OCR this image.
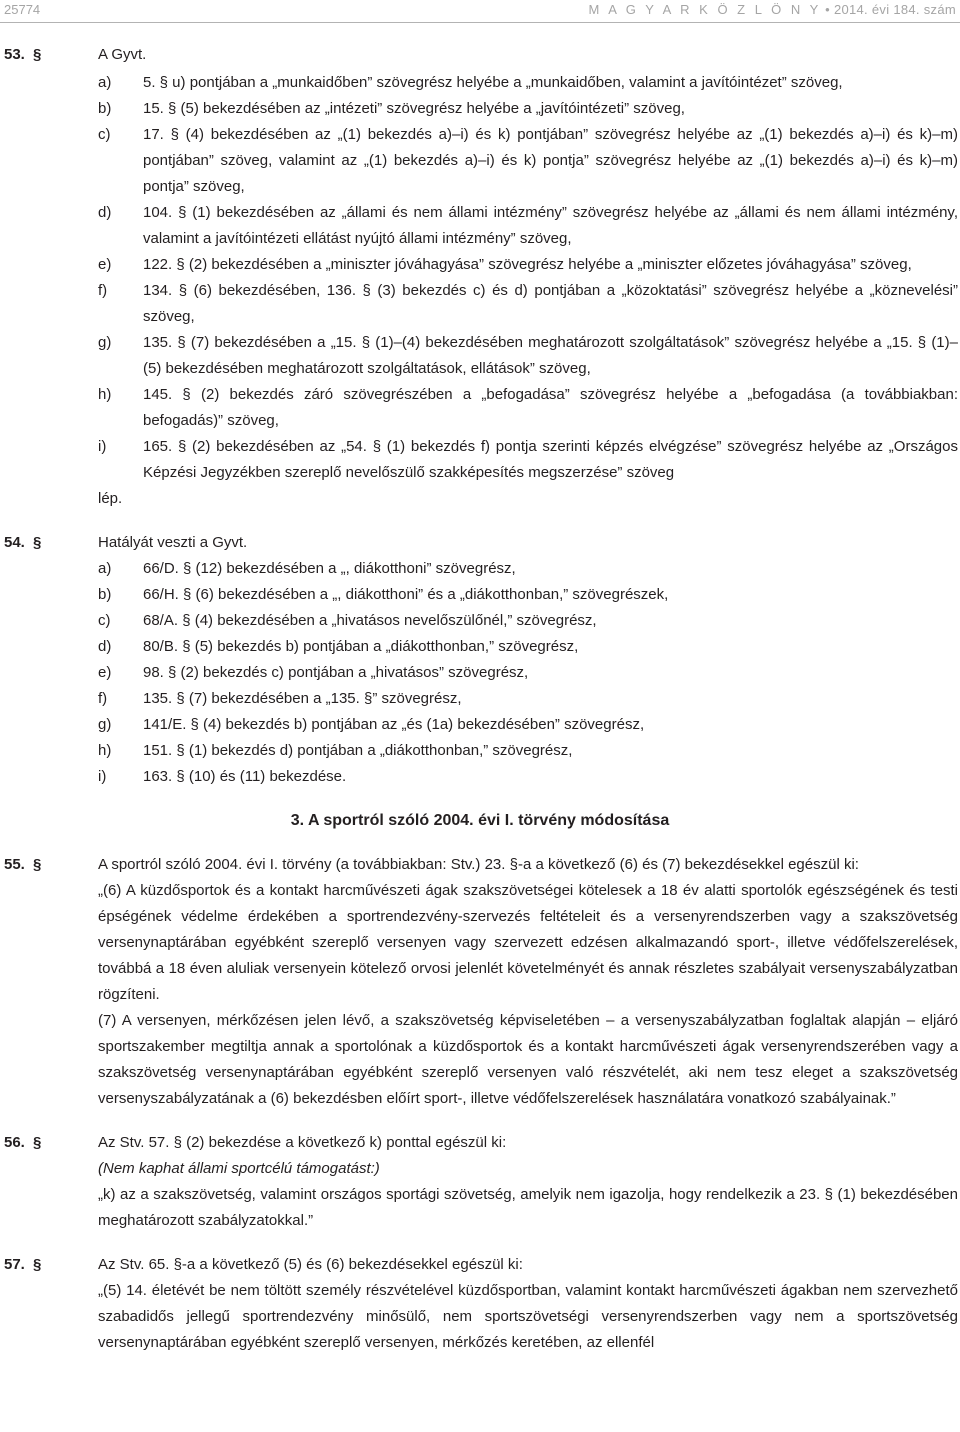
25774	M A G Y A R K Ö Z L Ö N Y • 2014. évi 184. szám
53. §	A Gyvt.
a) 5. § u) pontjában a „munkaidőben” szövegrész helyébe a „munkaidőben, valamint a javítóintézet” szöveg,
b) 15. § (5) bekezdésében az „intézeti” szövegrész helyébe a „javítóintézeti” szöveg,
c) 17. § (4) bekezdésében az „(1) bekezdés a)–i) és k) pontjában” szövegrész helyébe az „(1) bekezdés a)–i) és k)–m) pontjában” szöveg, valamint az „(1) bekezdés a)–i) és k) pontja” szövegrész helyébe az „(1) bekezdés a)–i) és k)–m) pontja” szöveg,
d) 104. § (1) bekezdésében az „állami és nem állami intézmény” szövegrész helyébe az „állami és nem állami intézmény, valamint a javítóintézeti ellátást nyújtó állami intézmény” szöveg,
e) 122. § (2) bekezdésében a „miniszter jóváhagyása” szövegrész helyébe a „miniszter előzetes jóváhagyása” szöveg,
f) 134. § (6) bekezdésében, 136. § (3) bekezdés c) és d) pontjában a „közoktatási” szövegrész helyébe a „köznevelési” szöveg,
g) 135. § (7) bekezdésében a „15. § (1)–(4) bekezdésében meghatározott szolgáltatások” szövegrész helyébe a „15. § (1)–(5) bekezdésében meghatározott szolgáltatások, ellátások” szöveg,
h) 145. § (2) bekezdés záró szövegrészében a „befogadása” szövegrész helyébe a „befogadása (a továbbiakban: befogadás)” szöveg,
i) 165. § (2) bekezdésében az „54. § (1) bekezdés f) pontja szerinti képzés elvégzése” szövegrész helyébe az „Országos Képzési Jegyzékben szereplő nevelőszülő szakképesítés megszerzése” szöveg
lép.
54. §	Hatályát veszti a Gyvt.
a) 66/D. § (12) bekezdésében a „, diákotthoni” szövegrész,
b) 66/H. § (6) bekezdésében a „, diákotthoni” és a „diákotthonban,” szövegrészek,
c) 68/A. § (4) bekezdésében a „hivatásos nevelőszülőnél,” szövegrész,
d) 80/B. § (5) bekezdés b) pontjában a „diákotthonban,” szövegrész,
e) 98. § (2) bekezdés c) pontjában a „hivatásos” szövegrész,
f) 135. § (7) bekezdésében a „135. §” szövegrész,
g) 141/E. § (4) bekezdés b) pontjában az „és (1a) bekezdésében” szövegrész,
h) 151. § (1) bekezdés d) pontjában a „diákotthonban,” szövegrész,
i) 163. § (10) és (11) bekezdése.
3. A sportról szóló 2004. évi I. törvény módosítása
55. §	A sportról szóló 2004. évi I. törvény (a továbbiakban: Stv.) 23. §-a a következő (6) és (7) bekezdésekkel egészül ki:
„(6) A küzdősportok és a kontakt harcművészeti ágak szakszövetségei kötelesek a 18 év alatti sportolók egészségének és testi épségének védelme érdekében a sportrendezvény-szervezés feltételeit és a versenyrendszerben vagy a szakszövetség versenynaptárában egyébként szereplő versenyen vagy szervezett edzésen alkalmazandó sport-, illetve védőfelszerelések, továbbá a 18 éven aluliak versenyein kötelező orvosi jelenlét követelményét és annak részletes szabályait versenyszabályzatban rögzíteni.
(7) A versenyen, mérkőzésen jelen lévő, a szakszövetség képviseletében – a versenyszabályzatban foglaltak alapján – eljáró sportszakember megtiltja annak a sportolónak a küzdősportok és a kontakt harcművészeti ágak versenyrendszerében vagy a szakszövetség versenynaptárában egyébként szereplő versenyen való részvételét, aki nem tesz eleget a szakszövetség versenyszabályzatának a (6) bekezdésben előírt sport-, illetve védőfelszerelések használatára vonatkozó szabályainak.”
56. §	Az Stv. 57. § (2) bekezdése a következő k) ponttal egészül ki:
(Nem kaphat állami sportcélú támogatást:)
„k) az a szakszövetség, valamint országos sportági szövetség, amelyik nem igazolja, hogy rendelkezik a 23. § (1) bekezdésében meghatározott szabályzatokkal.”
57. §	Az Stv. 65. §-a a következő (5) és (6) bekezdésekkel egészül ki:
„(5) 14. életévét be nem töltött személy részvételével küzdősportban, valamint kontakt harcművészeti ágakban nem szervezhető szabadidős jellegű sportrendezvény minősülő, nem sportszövetségi versenyrendszerben vagy nem a sportszövetség versenynaptárában egyébként szereplő versenyen, mérkőzés keretében, az ellenfél
